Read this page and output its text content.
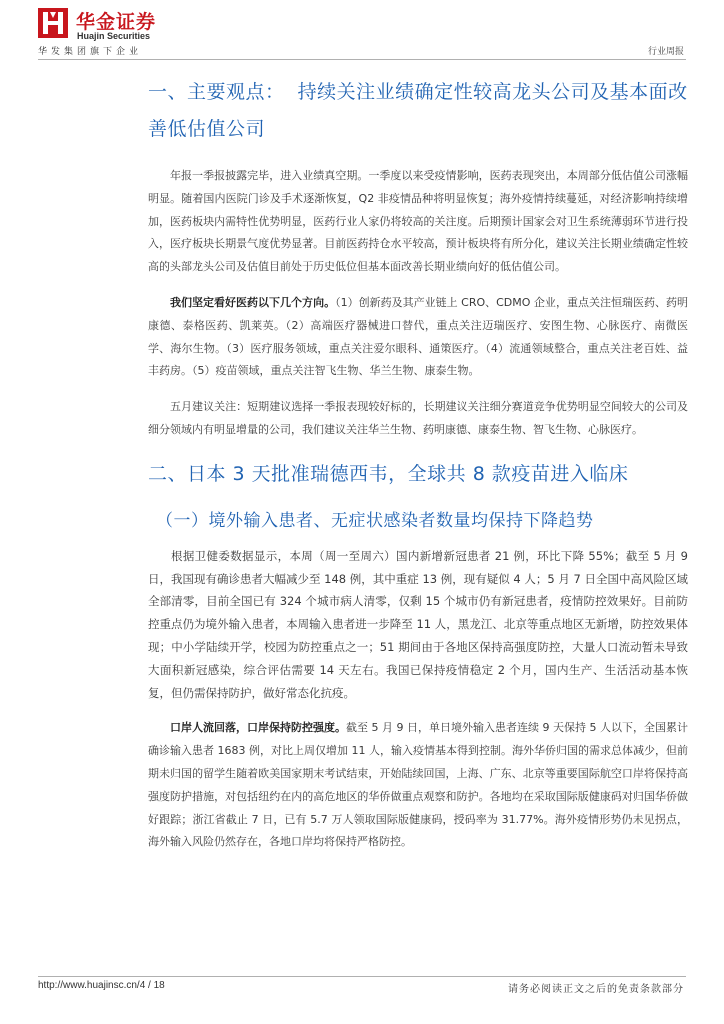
华金证券
Huajin Securities
华发集团旗下企业	行业周报
一、主要观点：  持续关注业绩确定性较高龙头公司及基本面改
善低估值公司

年报一季报披露完毕，进入业绩真空期。一季度以来受疫情影响，医药表现突出，本周部分低估值公司涨幅明显。随着国内医院门诊及手术逐渐恢复，Q2 非疫情品种将明显恢复；海外疫情持续蔓延，对经济影响持续增加，医药板块内需特性优势明显，医药行业人家仍将较高的关注度。后期预计国家会对卫生系统薄弱环节进行投入，医疗板块长期景气度优势显著。目前医药持仓水平较高，预计板块将有所分化，建议关注长期业绩确定性较高的头部龙头公司及估值目前处于历史低位但基本面改善长期业绩向好的低估值公司。

我们坚定看好医药以下几个方向。（1）创新药及其产业链上 CRO、CDMO 企业，重点关注恒瑞医药、药明康德、泰格医药、凯莱英。（2）高端医疗器械进口替代，重点关注迈瑞医疗、安图生物、心脉医疗、南微医学、海尔生物。（3）医疗服务领域，重点关注爱尔眼科、通策医疗。（4）流通领域整合，重点关注老百姓、益丰药房。（5）疫苗领域，重点关注智飞生物、华兰生物、康泰生物。

五月建议关注：短期建议选择一季报表现较好标的，长期建议关注细分赛道竞争优势明显空间较大的公司及细分领域内有明显增量的公司，我们建议关注华兰生物、药明康德、康泰生物、智飞生物、心脉医疗。

二、日本 3 天批准瑞德西韦，全球共 8 款疫苗进入临床
（一）境外输入患者、无症状感染者数量均保持下降趋势

根据卫健委数据显示，本周（周一至周六）国内新增新冠患者 21 例，环比下降 55%；截至 5 月 9 日，我国现有确诊患者大幅减少至 148 例，其中重症 13 例，现有疑似 4 人；5 月 7 日全国中高风险区域全部清零，目前全国已有 324 个城市病人清零，仅剩 15 个城市仍有新冠患者，疫情防控效果好。目前防控重点仍为境外输入患者，本周输入患者进一步降至 11 人，黑龙江、北京等重点地区无新增，防控效果体现；中小学陆续开学，校园为防控重点之一；51 期间由于各地区保持高强度防控，大量人口流动暂未导致大面积新冠感染，综合评估需要 14 天左右。我国已保持疫情稳定 2 个月，国内生产、生活活动基本恢复，但仍需保持防护，做好常态化抗疫。

口岸人流回落，口岸保持防控强度。截至 5 月 9 日，单日境外输入患者连续 9 天保持 5 人以下，全国累计确诊输入患者 1683 例，对比上周仅增加 11 人，输入疫情基本得到控制。海外华侨归国的需求总体减少，但前期未归国的留学生随着欧美国家期末考试结束，开始陆续回国，上海、广东、北京等重要国际航空口岸将保持高强度防护措施，对包括纽约在内的高危地区的华侨做重点观察和防护。各地均在采取国际版健康码对归国华侨做好跟踪；浙江省截止 7 日，已有 5.7 万人领取国际版健康码，授码率为 31.77%。海外疫情形势仍未见拐点，海外输入风险仍然存在，各地口岸均将保持严格防控。

http://www.huajinsc.cn/4 / 18	请务必阅读正文之后的免责条款部分
